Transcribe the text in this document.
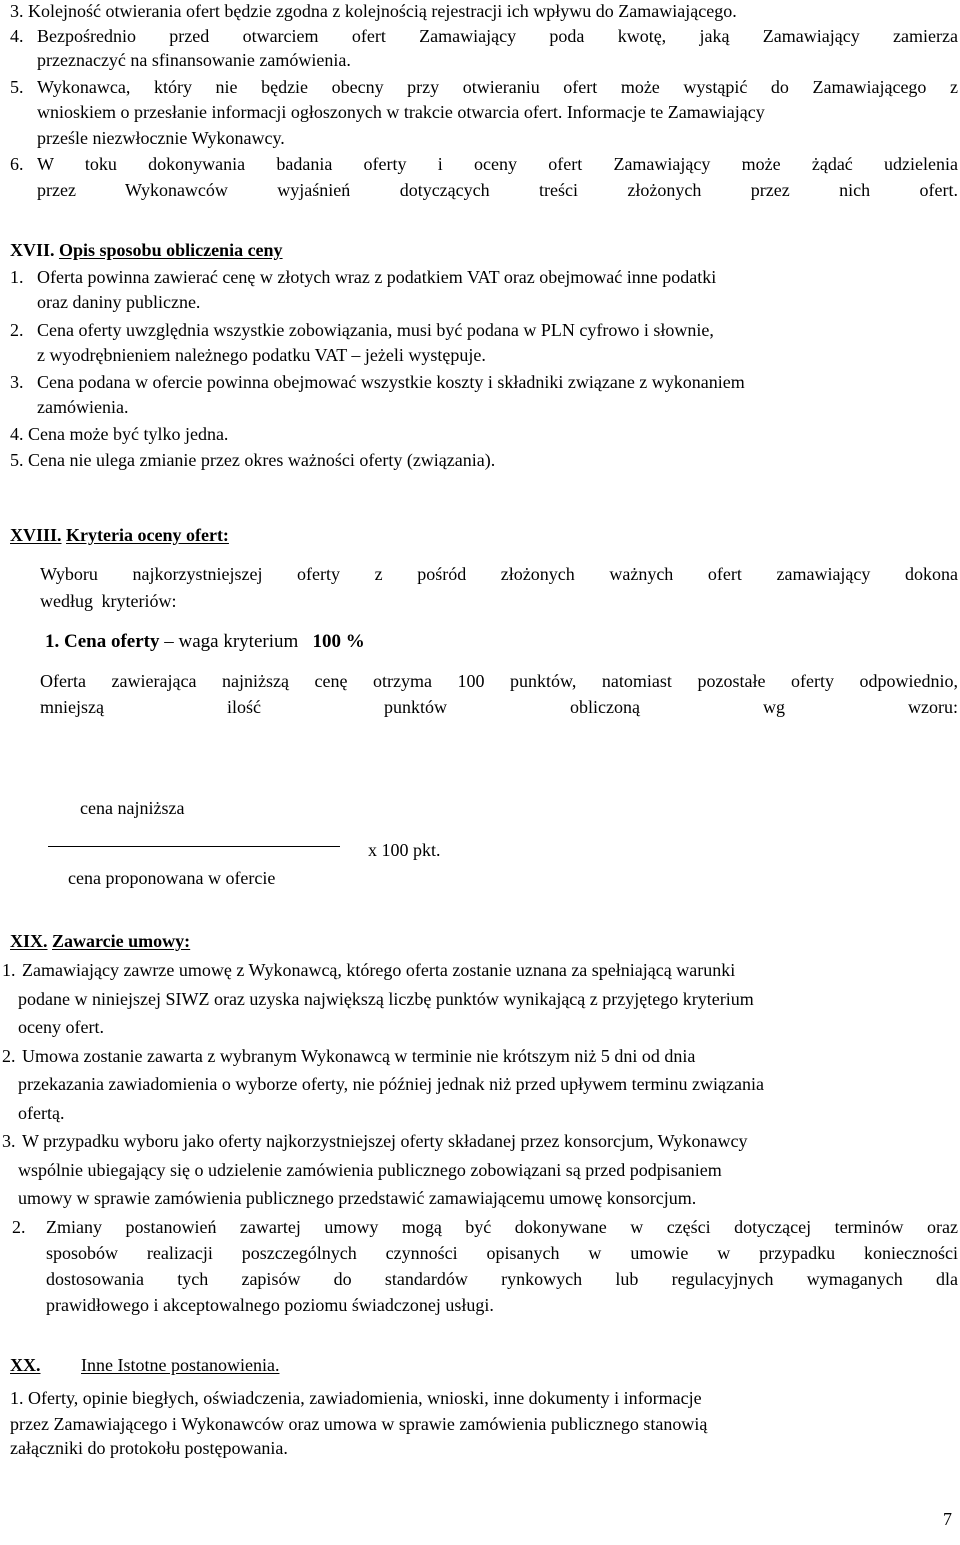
3. Kolejność otwierania ofert będzie zgodna z kolejnością rejestracji ich wpływu do Zamawiającego.
4. Bezpośrednio przed otwarciem ofert Zamawiający poda kwotę, jaką Zamawiający zamierza
przeznaczyć na sfinansowanie zamówienia.
5. Wykonawca, który nie będzie obecny przy otwieraniu ofert może wystąpić do Zamawiającego z
wnioskiem o przesłanie informacji ogłoszonych w trakcie otwarcia ofert. Informacje te Zamawiający
prześle niezwłocznie Wykonawcy.
6. W toku dokonywania badania oferty i oceny ofert Zamawiający może żądać udzielenia
przez Wykonawców wyjaśnień dotyczących treści złożonych przez nich ofert.
XVII. Opis sposobu obliczenia ceny
1. Oferta powinna zawierać cenę w złotych wraz z podatkiem VAT oraz obejmować inne podatki
oraz daniny publiczne.
2. Cena oferty uwzględnia wszystkie zobowiązania, musi być podana w PLN cyfrowo i słownie,
z wyodrębnieniem należnego podatku VAT – jeżeli występuje.
3. Cena podana w ofercie powinna obejmować wszystkie koszty i składniki związane z wykonaniem
zamówienia.
4. Cena może być tylko jedna.
5. Cena nie ulega zmianie przez okres ważności oferty (związania).
XVIII. Kryteria oceny ofert:
Wyboru najkorzystniejszej oferty z pośród złożonych ważnych ofert zamawiający dokona
według kryteriów:
1. Cena oferty – waga kryterium 100 %
Oferta zawierająca najniższą cenę otrzyma 100 punktów, natomiast pozostałe oferty odpowiednio,
mniejszą ilość punktów obliczoną wg wzoru:
cena najniższa
x 100 pkt.
cena proponowana w ofercie
XIX. Zawarcie umowy:
1. Zamawiający zawrze umowę z Wykonawcą, którego oferta zostanie uznana za spełniającą warunki
podane w niniejszej SIWZ oraz uzyska największą liczbę punktów wynikającą z przyjętego kryterium
oceny ofert.
2. Umowa zostanie zawarta z wybranym Wykonawcą w terminie nie krótszym niż 5 dni od dnia
przekazania zawiadomienia o wyborze oferty, nie później jednak niż przed upływem terminu związania
ofertą.
3. W przypadku wyboru jako oferty najkorzystniejszej oferty składanej przez konsorcjum, Wykonawcy
wspólnie ubiegający się o udzielenie zamówienia publicznego zobowiązani są przed podpisaniem
umowy w sprawie zamówienia publicznego przedstawić zamawiającemu umowę konsorcjum.
2. Zmiany postanowień zawartej umowy mogą być dokonywane w części dotyczącej terminów oraz
sposobów realizacji poszczególnych czynności opisanych w umowie w przypadku konieczności
dostosowania tych zapisów do standardów rynkowych lub regulacyjnych wymaganych dla
prawidłowego i akceptowalnego poziomu świadczonej usługi.
XX. Inne Istotne postanowienia.
1. Oferty, opinie biegłych, oświadczenia, zawiadomienia, wnioski, inne dokumenty i informacje
przez Zamawiającego i Wykonawców oraz umowa w sprawie zamówienia publicznego stanowią
załączniki do protokołu postępowania.
7
